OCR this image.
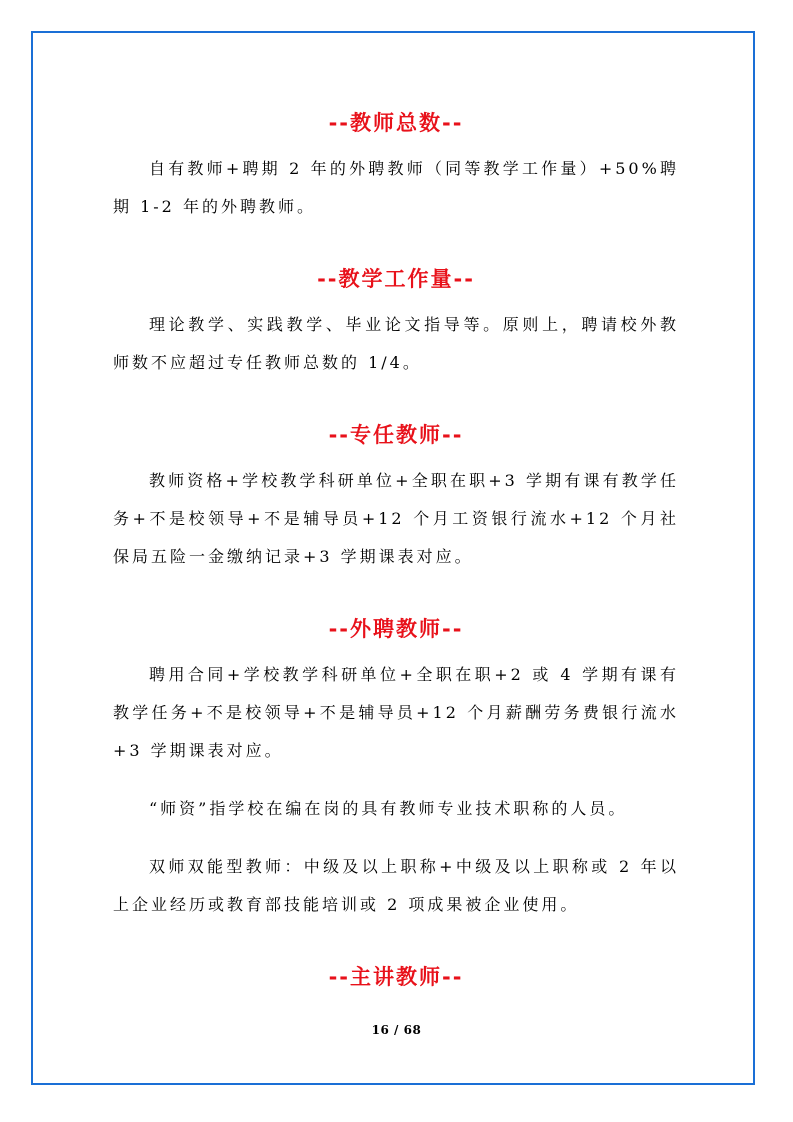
--教师总数--

自有教师+聘期 2 年的外聘教师（同等教学工作量）+50%聘期 1-2 年的外聘教师。

--教学工作量--

理论教学、实践教学、毕业论文指导等。原则上，聘请校外教师数不应超过专任教师总数的 1/4。

--专任教师--

教师资格+学校教学科研单位+全职在职+3 学期有课有教学任务+不是校领导+不是辅导员+12 个月工资银行流水+12 个月社保局五险一金缴纳记录+3 学期课表对应。

--外聘教师--

聘用合同+学校教学科研单位+全职在职+2 或 4 学期有课有教学任务+不是校领导+不是辅导员+12 个月薪酬劳务费银行流水+3 学期课表对应。

“师资”指学校在编在岗的具有教师专业技术职称的人员。

双师双能型教师：中级及以上职称+中级及以上职称或 2 年以上企业经历或教育部技能培训或 2 项成果被企业使用。

--主讲教师--
16 / 68
